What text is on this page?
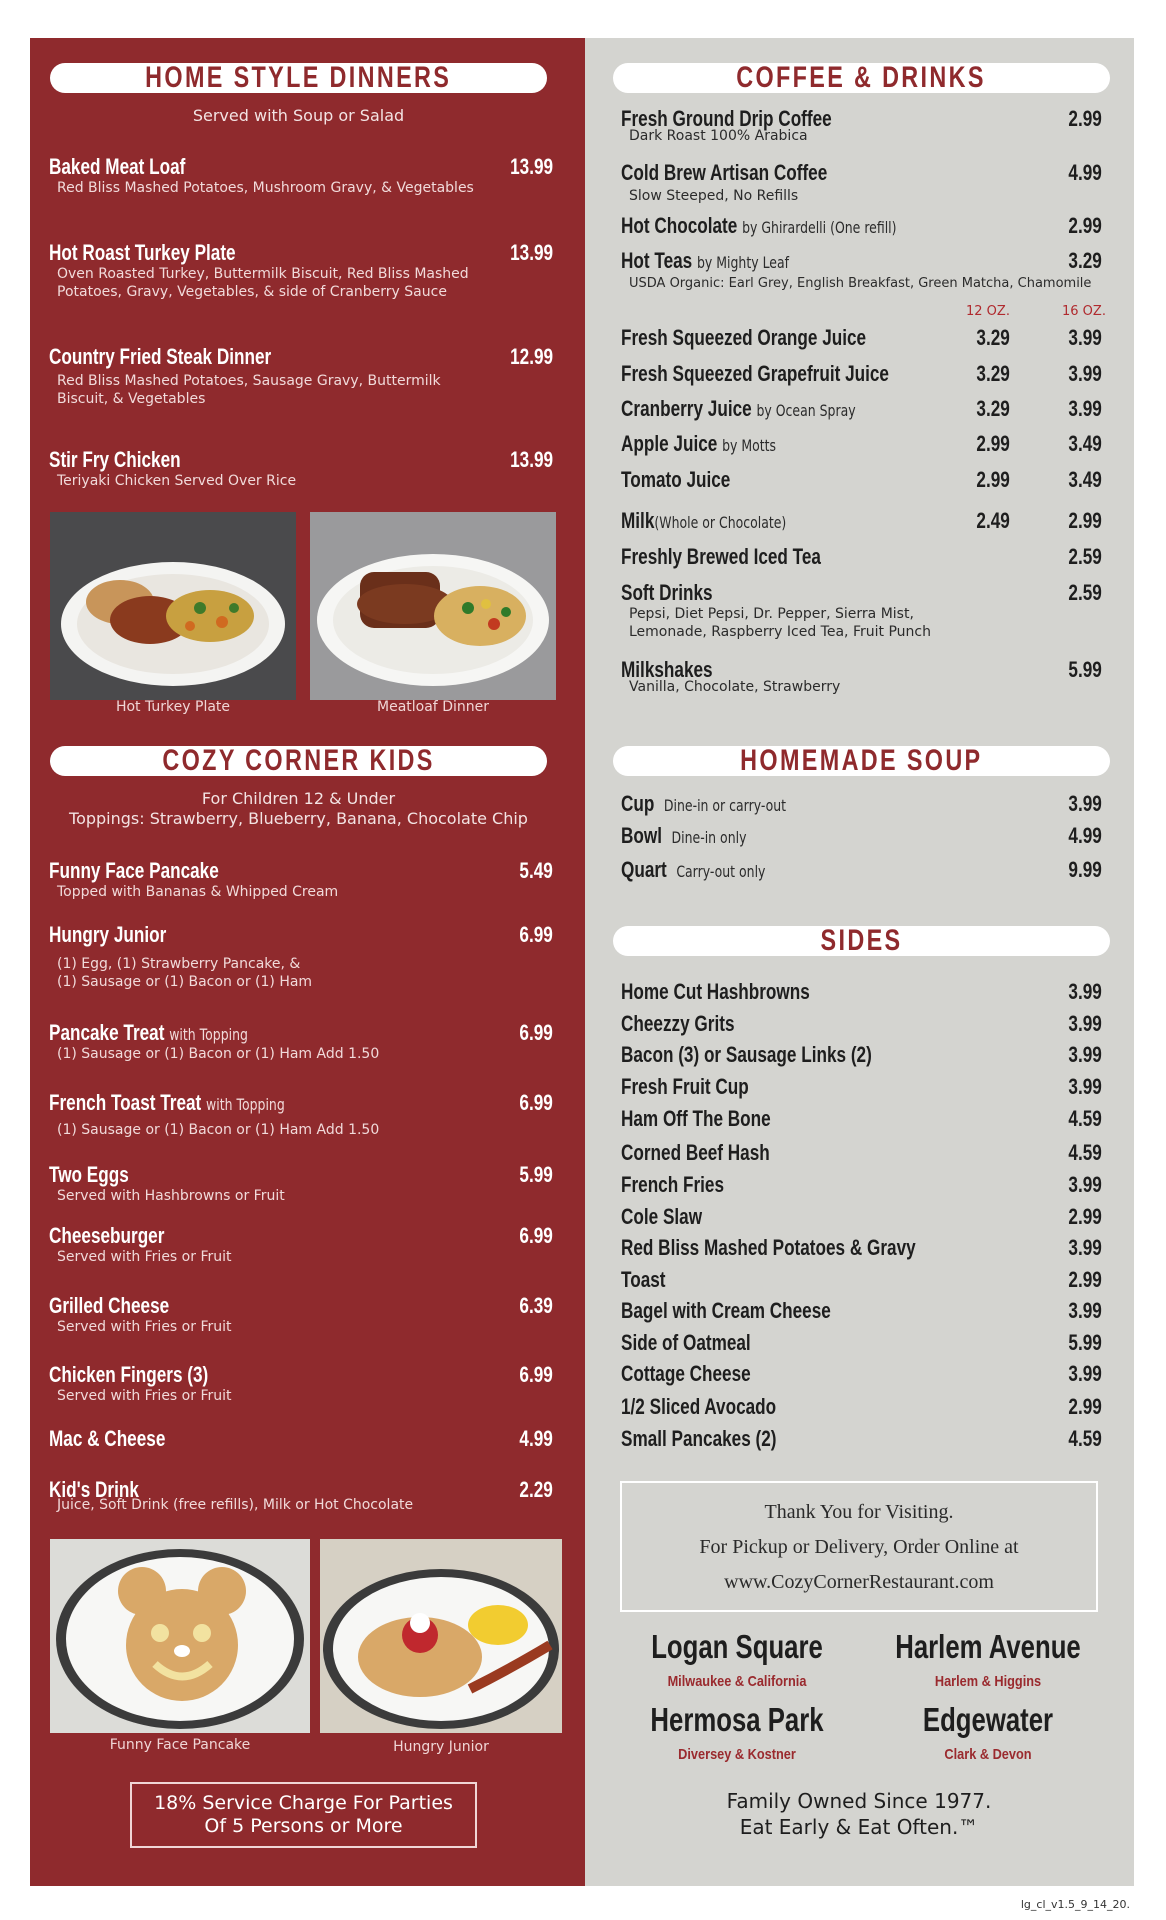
HOME STYLE DINNERS
Served with Soup or Salad
Baked Meat Loaf	13.99
Red Bliss Mashed Potatoes, Mushroom Gravy, & Vegetables
Hot Roast Turkey Plate	13.99
Oven Roasted Turkey, Buttermilk Biscuit, Red Bliss Mashed
Potatoes, Gravy, Vegetables, & side of Cranberry Sauce
Country Fried Steak Dinner	12.99
Red Bliss Mashed Potatoes, Sausage Gravy, Buttermilk
Biscuit, & Vegetables
Stir Fry Chicken	13.99
Teriyaki Chicken Served Over Rice
Hot Turkey Plate	Meatloaf Dinner
COZY CORNER KIDS
For Children 12 & Under
Toppings: Strawberry, Blueberry, Banana, Chocolate Chip
Funny Face Pancake	5.49
Topped with Bananas & Whipped Cream
Hungry Junior	6.99
(1) Egg, (1) Strawberry Pancake, &
(1) Sausage or (1) Bacon or (1) Ham
Pancake Treat with Topping	6.99
(1) Sausage or (1) Bacon or (1) Ham Add 1.50
French Toast Treat with Topping	6.99
(1) Sausage or (1) Bacon or (1) Ham Add 1.50
Two Eggs	5.99
Served with Hashbrowns or Fruit
Cheeseburger	6.99
Served with Fries or Fruit
Grilled Cheese	6.39
Served with Fries or Fruit
Chicken Fingers (3)	6.99
Served with Fries or Fruit
Mac & Cheese	4.99
Kid's Drink	2.29
Juice, Soft Drink (free refills), Milk or Hot Chocolate
Funny Face Pancake	Hungry Junior
18% Service Charge For Parties
Of 5 Persons or More
COFFEE & DRINKS
Fresh Ground Drip Coffee	2.99
Dark Roast 100% Arabica
Cold Brew Artisan Coffee	4.99
Slow Steeped, No Refills
Hot Chocolate by Ghirardelli (One refill)	2.99
Hot Teas by Mighty Leaf	3.29
USDA Organic: Earl Grey, English Breakfast, Green Matcha, Chamomile
12 OZ.	16 OZ.
Fresh Squeezed Orange Juice	3.29	3.99
Fresh Squeezed Grapefruit Juice	3.29	3.99
Cranberry Juice by Ocean Spray	3.29	3.99
Apple Juice by Motts	2.99	3.49
Tomato Juice	2.99	3.49
Milk(Whole or Chocolate)	2.49	2.99
Freshly Brewed Iced Tea	2.59
Soft Drinks	2.59
Pepsi, Diet Pepsi, Dr. Pepper, Sierra Mist,
Lemonade, Raspberry Iced Tea, Fruit Punch
Milkshakes	5.99
Vanilla, Chocolate, Strawberry
HOMEMADE SOUP
Cup Dine-in or carry-out	3.99
Bowl Dine-in only	4.99
Quart Carry-out only	9.99
SIDES
Home Cut Hashbrowns	3.99
Cheezzy Grits	3.99
Bacon (3) or Sausage Links (2)	3.99
Fresh Fruit Cup	3.99
Ham Off The Bone	4.59
Corned Beef Hash	4.59
French Fries	3.99
Cole Slaw	2.99
Red Bliss Mashed Potatoes & Gravy	3.99
Toast	2.99
Bagel with Cream Cheese	3.99
Side of Oatmeal	5.99
Cottage Cheese	3.99
1/2 Sliced Avocado	2.99
Small Pancakes (2)	4.59
Thank You for Visiting.
For Pickup or Delivery, Order Online at
www.CozyCornerRestaurant.com
Logan Square
Milwaukee & California
Harlem Avenue
Harlem & Higgins
Hermosa Park
Diversey & Kostner
Edgewater
Clark & Devon
Family Owned Since 1977.
Eat Early & Eat Often.™
lg_cl_v1.5_9_14_20.
